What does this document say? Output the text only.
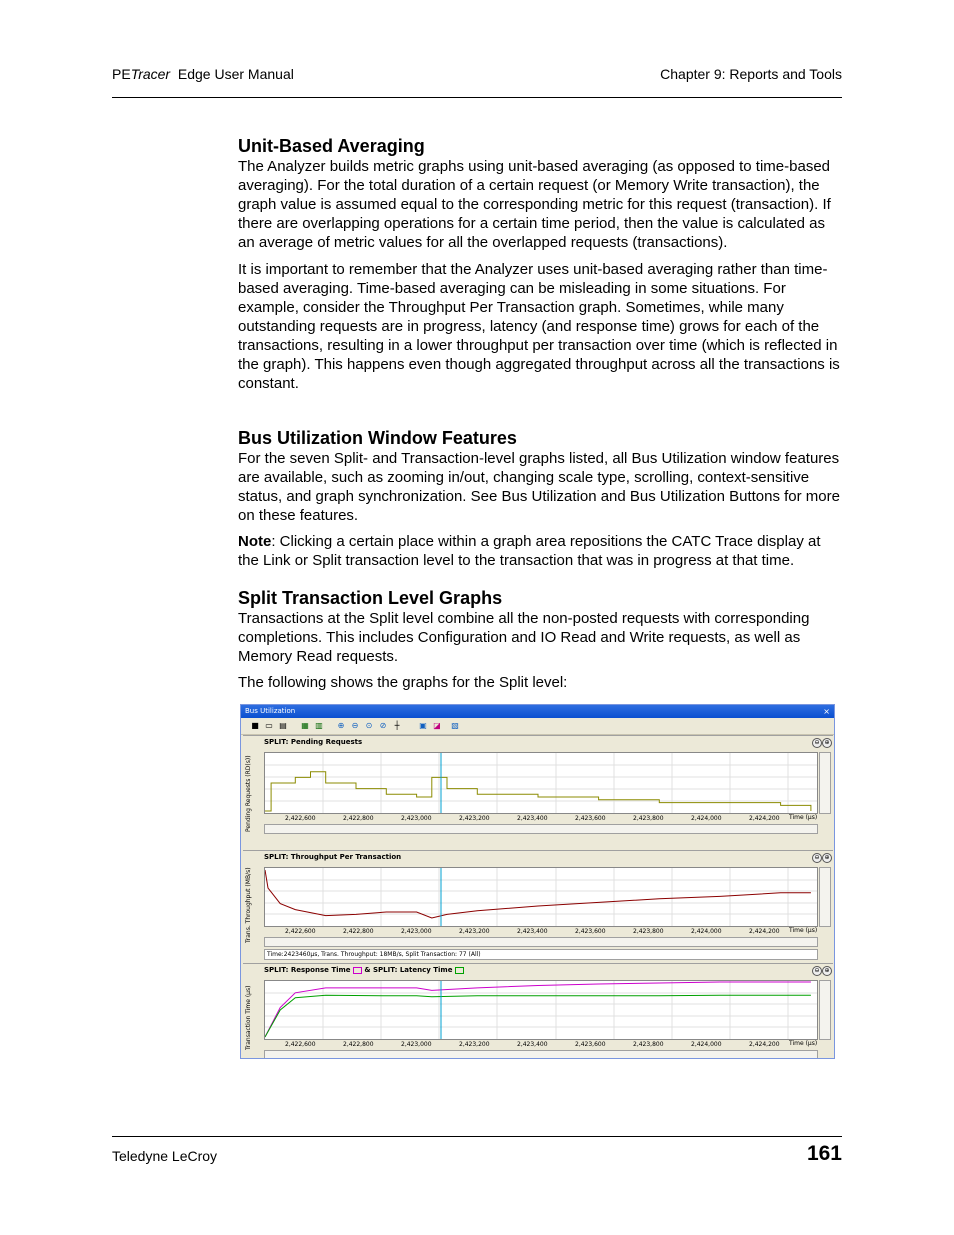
PETracer Edge User Manual	Chapter 9: Reports and Tools
Unit-Based Averaging

The Analyzer builds metric graphs using unit-based averaging (as opposed to time-based averaging). For the total duration of a certain request (or Memory Write transaction), the graph value is assumed equal to the corresponding metric for this request (transaction). If there are overlapping operations for a certain time period, then the value is calculated as an average of metric values for all the overlapped requests (transactions).

It is important to remember that the Analyzer uses unit-based averaging rather than time-based averaging. Time-based averaging can be misleading in some situations. For example, consider the Throughput Per Transaction graph. Sometimes, while many outstanding requests are in progress, latency (and response time) grows for each of the transactions, resulting in a lower throughput per transaction over time (which is reflected in the graph). This happens even though aggregated throughput across all the transactions is constant.

Bus Utilization Window Features

For the seven Split- and Transaction-level graphs listed, all Bus Utilization window features are available, such as zooming in/out, changing scale type, scrolling, context-sensitive status, and graph synchronization. See Bus Utilization and Bus Utilization Buttons for more on these features.

Note: Clicking a certain place within a graph area repositions the CATC Trace display at the Link or Split transaction level to the transaction that was in progress at that time.

Split Transaction Level Graphs

Transactions at the Split level combine all the non-posted requests with corresponding completions. This includes Configuration and IO Read and Write requests, as well as Memory Read requests.

The following shows the graphs for the Split level:

Bus Utilization	×
■ ▭ ▤ ▦ ▥	⊕ ⊖ ⊙ ⊘	┼	▣ ◪ ▧
SPLIT: Pending Requests	⊖ ⊕
Pending Requests (RD(s))	2,422,600	2,422,800	2,423,000	2,423,200	2,423,400	2,423,600	2,423,800	2,424,000	2,424,200 Time (µs)
SPLIT: Throughput Per Transaction	⊖ ⊕
Trans. Throughput (MB/s)	2,422,600	2,422,800	2,423,000	2,423,200	2,423,400	2,423,600	2,423,800	2,424,000	2,424,200 Time (µs)
Time:2423460µs, Trans. Throughput: 18MB/s, Split Transaction: 77 (All)
SPLIT: Response Time & SPLIT: Latency Time	⊖ ⊕
Transaction Time (µs)	2,422,600	2,422,800	2,423,000	2,423,200	2,423,400	2,423,600	2,423,800	2,424,000	2,424,200 Time (µs)
Teledyne LeCroy	161
